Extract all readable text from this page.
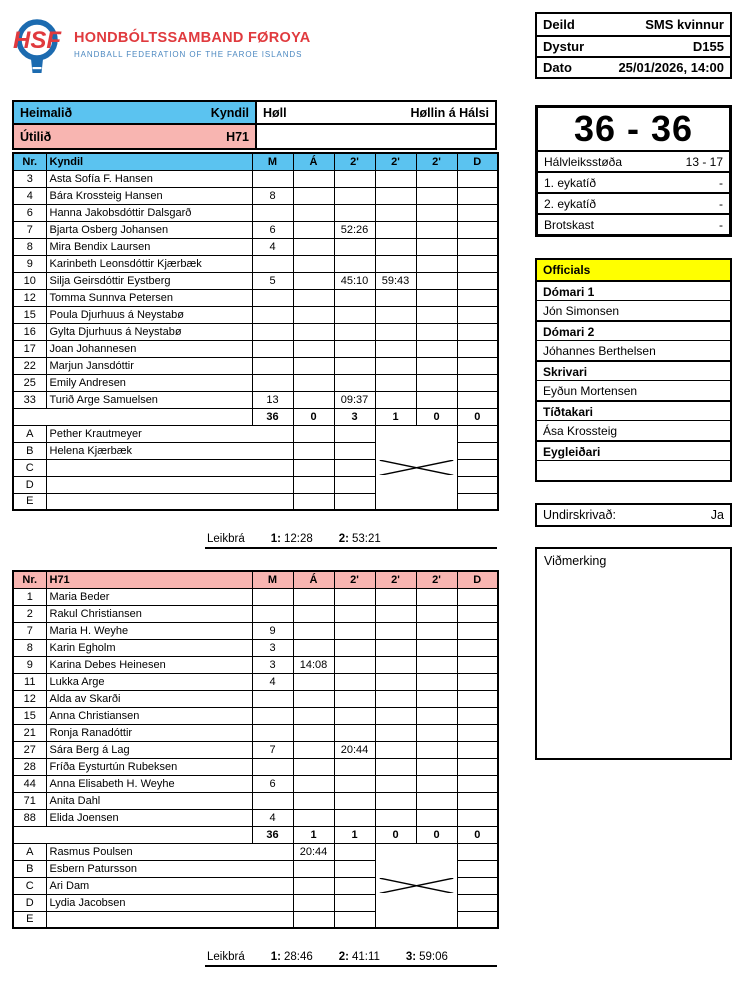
HSF HONDBÓLTSSAMBAND FØROYA
HANDBALL FEDERATION OF THE FAROE ISLANDS
Deild	SMS kvinnur
Dystur	D155
Dato	25/01/2026, 14:00
Heimalið	Kyndil Høll	Høllin á Hálsi
Útilið	H71	36 - 36
Hálvleiksstøða	13 - 17
1. eykatíð	-
2. eykatíð	-
Brotskast	-
Nr.	Kyndil	M	Á	2'	2'	2'	D
3	Asta Sofía F. Hansen						
4	Bára Krossteig Hansen	8					
6	Hanna Jakobsdóttir Dalsgarð						
7	Bjarta Osberg Johansen	6		52:26			
8	Mira Bendix Laursen	4					
9	Karinbeth Leonsdóttir Kjærbæk						
10	Silja Geirsdóttir Eystberg	5		45:10	59:43		
12	Tomma Sunnva Petersen						
15	Poula Djurhuus á Neystabø						
16	Gylta Djurhuus á Neystabø						
17	Joan Johannesen						
22	Marjun Jansdóttir						
25	Emily Andresen						
33	Turið Arge Samuelsen	13		09:37			
		36	0	3	1	0	0
A	Pether Krautmeyer			

B	Helena Kjærbæk						
C							
D							
E							
Leikbrá 1: 12:28 2: 53:21
Nr.	H71	M	Á	2'	2'	2'	D
1	Maria Beder						
2	Rakul Christiansen						
7	Maria H. Weyhe	9					
8	Karin Egholm	3					
9	Karina Debes Heinesen	3	14:08				
11	Lukka Arge	4					
12	Alda av Skarði						
15	Anna Christiansen						
21	Ronja Ranadóttir						
27	Sára Berg á Lag	7		20:44			
28	Fríða Eysturtún Rubeksen						
44	Anna Elisabeth H. Weyhe	6					
71	Anita Dahl						
88	Elida Joensen	4					
		36	1	1	0	0	0
A	Rasmus Poulsen		20:44		

B	Esbern Patursson						
C	Ari Dam						
D	Lydia Jacobsen						
E							
Leikbrá 1: 28:46 2: 41:11 3: 59:06
Officials
Dómari 1
Jón Simonsen
Dómari 2
Jóhannes Berthelsen
Skrivari
Eyðun Mortensen
Tíðtakari
Ása Krossteig
Eygleiðari
Undirskrivað:	Ja
Viðmerking
